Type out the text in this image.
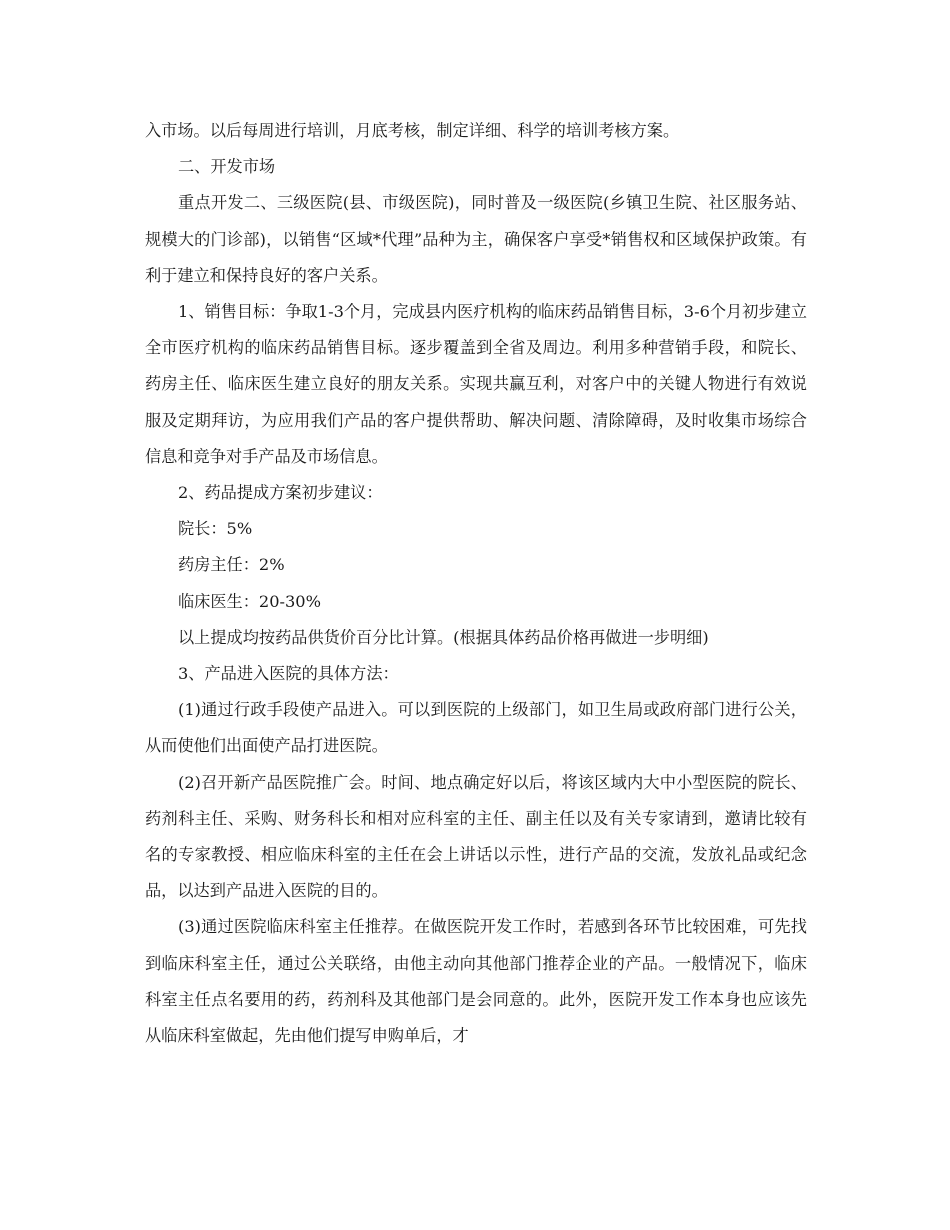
入市场。以后每周进行培训，月底考核，制定详细、科学的培训考核方案。

二、开发市场

重点开发二、三级医院(县、市级医院)，同时普及一级医院(乡镇卫生院、社区服务站、规模大的门诊部)，以销售“区域*代理”品种为主，确保客户享受*销售权和区域保护政策。有利于建立和保持良好的客户关系。

1、销售目标：争取1-3个月，完成县内医疗机构的临床药品销售目标，3-6个月初步建立全市医疗机构的临床药品销售目标。逐步覆盖到全省及周边。利用多种营销手段，和院长、药房主任、临床医生建立良好的朋友关系。实现共赢互利，对客户中的关键人物进行有效说服及定期拜访，为应用我们产品的客户提供帮助、解决问题、清除障碍，及时收集市场综合信息和竞争对手产品及市场信息。

2、药品提成方案初步建议：

院长：5%

药房主任：2%

临床医生：20-30%

以上提成均按药品供货价百分比计算。(根据具体药品价格再做进一步明细)

3、产品进入医院的具体方法：

(1)通过行政手段使产品进入。可以到医院的上级部门，如卫生局或政府部门进行公关，从而使他们出面使产品打进医院。

(2)召开新产品医院推广会。时间、地点确定好以后，将该区域内大中小型医院的院长、药剂科主任、采购、财务科长和相对应科室的主任、副主任以及有关专家请到，邀请比较有名的专家教授、相应临床科室的主任在会上讲话以示性，进行产品的交流，发放礼品或纪念品，以达到产品进入医院的目的。

(3)通过医院临床科室主任推荐。在做医院开发工作时，若感到各环节比较困难，可先找到临床科室主任，通过公关联络，由他主动向其他部门推荐企业的产品。一般情况下，临床科室主任点名要用的药，药剂科及其他部门是会同意的。此外，医院开发工作本身也应该先从临床科室做起，先由他们提写申购单后，才
